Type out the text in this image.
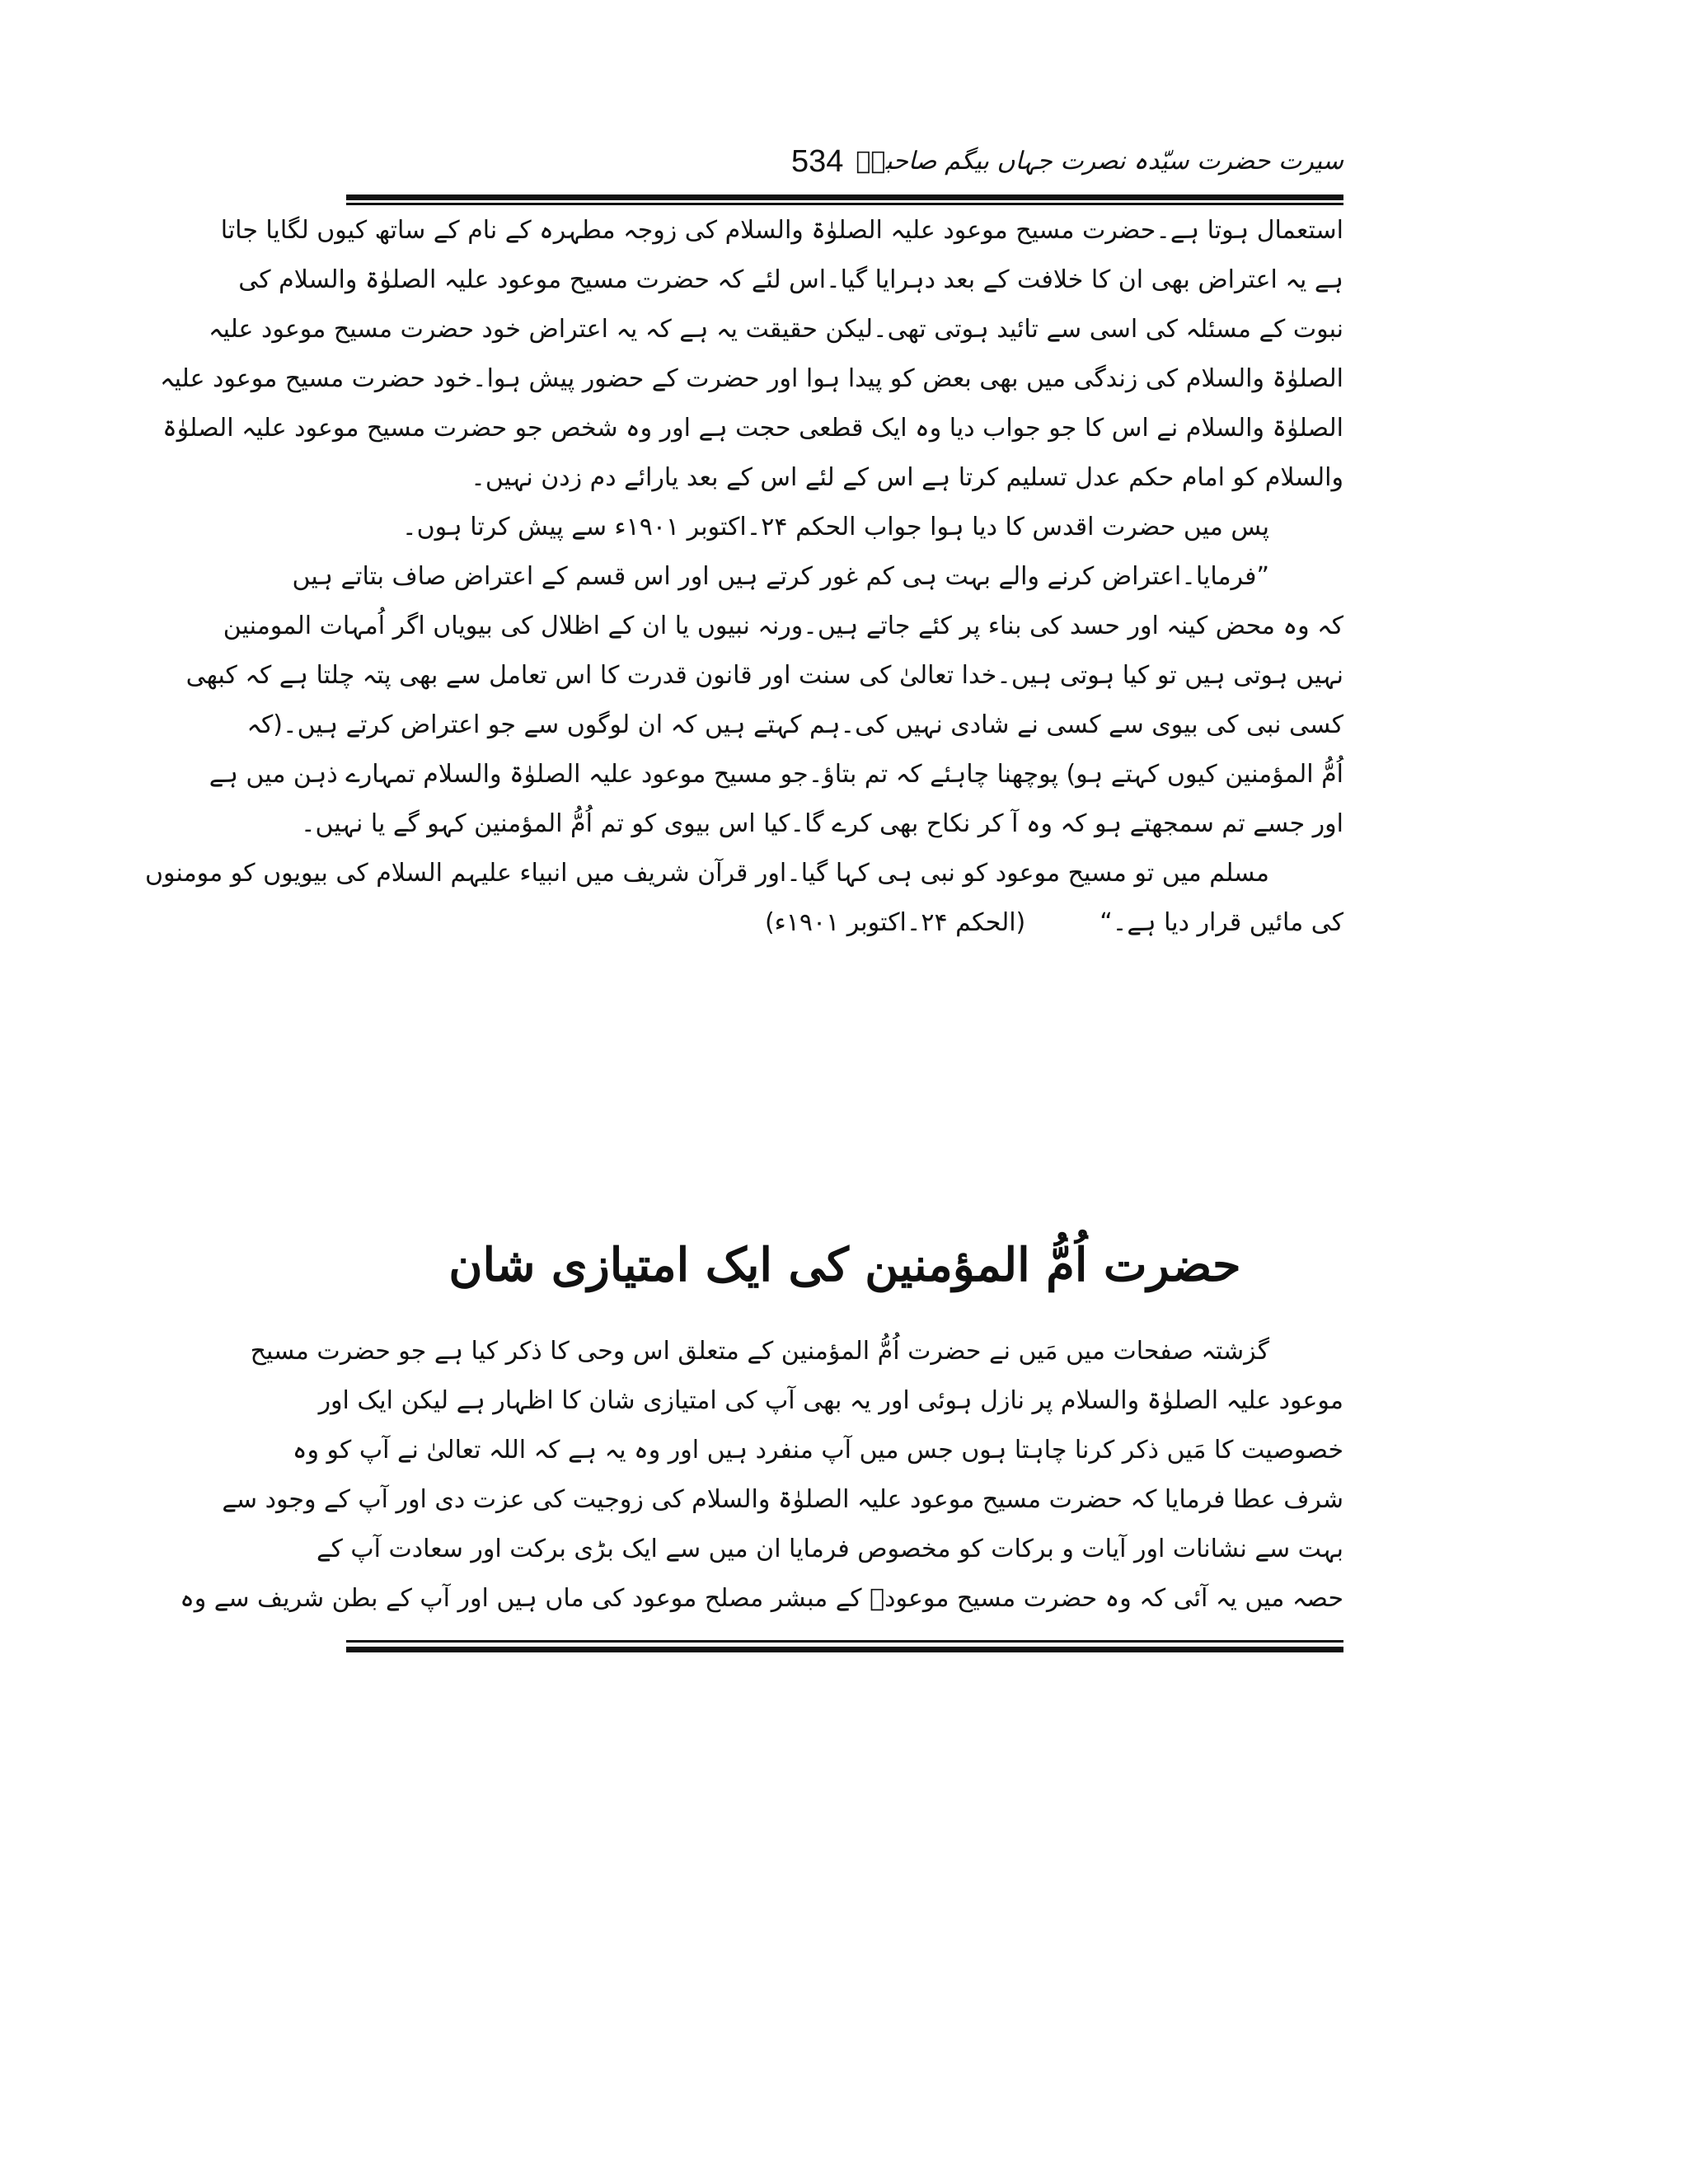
سیرت حضرت سیّدہ نصرت جہاں بیگم صاحبہؓ
534

استعمال ہوتا ہے۔حضرت مسیح موعود علیہ الصلوٰۃ والسلام کی زوجہ مطہرہ کے نام کے ساتھ کیوں لگایا جاتا

ہے یہ اعتراض بھی ان کا خلافت کے بعد دہرایا گیا۔اس لئے کہ حضرت مسیح موعود علیہ الصلوٰۃ والسلام کی

نبوت کے مسئلہ کی اسی سے تائید ہوتی تھی۔لیکن حقیقت یہ ہے کہ یہ اعتراض خود حضرت مسیح موعود علیہ

الصلوٰۃ والسلام کی زندگی میں بھی بعض کو پیدا ہوا اور حضرت کے حضور پیش ہوا۔خود حضرت مسیح موعود علیہ

الصلوٰۃ والسلام نے اس کا جو جواب دیا وہ ایک قطعی حجت ہے اور وہ شخص جو حضرت مسیح موعود علیہ الصلوٰۃ

والسلام کو امام حکم عدل تسلیم کرتا ہے اس کے لئے اس کے بعد یارائے دم زدن نہیں۔

پس میں حضرت اقدس کا دیا ہوا جواب الحکم ۲۴۔اکتوبر ۱۹۰۱ء سے پیش کرتا ہوں۔

”فرمایا۔اعتراض کرنے والے بہت ہی کم غور کرتے ہیں اور اس قسم کے اعتراض صاف بتاتے ہیں

کہ وہ محض کینہ اور حسد کی بناء پر کئے جاتے ہیں۔ورنہ نبیوں یا ان کے اظلال کی بیویاں اگر اُمہات المومنین

نہیں ہوتی ہیں تو کیا ہوتی ہیں۔خدا تعالیٰ کی سنت اور قانون قدرت کا اس تعامل سے بھی پتہ چلتا ہے کہ کبھی

کسی نبی کی بیوی سے کسی نے شادی نہیں کی۔ہم کہتے ہیں کہ ان لوگوں سے جو اعتراض کرتے ہیں۔(کہ

اُمُّ المؤمنین کیوں کہتے ہو) پوچھنا چاہئے کہ تم بتاؤ۔جو مسیح موعود علیہ الصلوٰۃ والسلام تمہارے ذہن میں ہے

اور جسے تم سمجھتے ہو کہ وہ آ کر نکاح بھی کرے گا۔کیا اس بیوی کو تم اُمُّ المؤمنین کہو گے یا نہیں۔

مسلم میں تو مسیح موعود کو نبی ہی کہا گیا۔اور قرآن شریف میں انبیاء علیہم السلام کی بیویوں کو مومنوں

کی مائیں قرار دیا ہے۔“
(الحکم ۲۴۔اکتوبر ۱۹۰۱ء)
حضرت اُمُّ المؤمنین کی ایک امتیازی شان

گزشتہ صفحات میں مَیں نے حضرت اُمُّ المؤمنین کے متعلق اس وحی کا ذکر کیا ہے جو حضرت مسیح

موعود علیہ الصلوٰۃ والسلام پر نازل ہوئی اور یہ بھی آپ کی امتیازی شان کا اظہار ہے لیکن ایک اور

خصوصیت کا مَیں ذکر کرنا چاہتا ہوں جس میں آپ منفرد ہیں اور وہ یہ ہے کہ اللہ تعالیٰ نے آپ کو وہ

شرف عطا فرمایا کہ حضرت مسیح موعود علیہ الصلوٰۃ والسلام کی زوجیت کی عزت دی اور آپ کے وجود سے

بہت سے نشانات اور آیات و برکات کو مخصوص فرمایا ان میں سے ایک بڑی برکت اور سعادت آپ کے

حصہ میں یہ آئی کہ وہ حضرت مسیح موعودؑ کے مبشر مصلح موعود کی ماں ہیں اور آپ کے بطن شریف سے وہ
